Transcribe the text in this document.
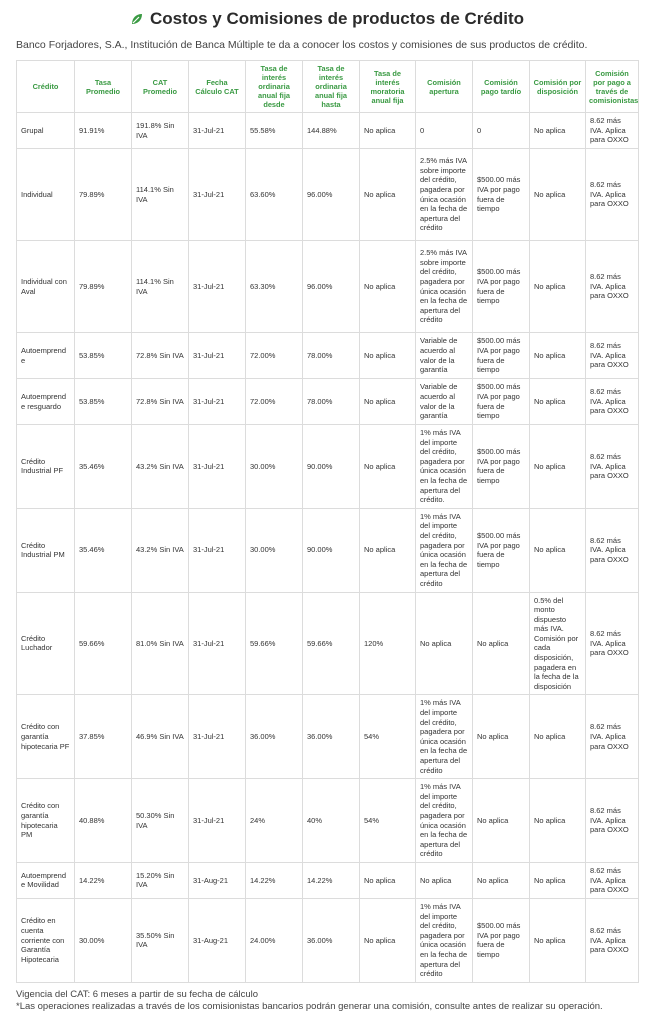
Costos y Comisiones de productos de Crédito
Banco Forjadores, S.A., Institución de Banca Múltiple te da a conocer los costos y comisiones de sus productos de crédito.
Crédito	Tasa Promedio	CAT Promedio	Fecha Cálculo CAT	Tasa de interés ordinaria anual fija desde	Tasa de interés ordinaria anual fija hasta	Tasa de interés moratoria anual fija	Comisión apertura	Comisión pago tardío	Comisión por disposición	Comisión por pago a través de comisionistas
Grupal	91.91%	191.8% Sin IVA	31-Jul-21	55.58%	144.88%	No aplica	0	0	No aplica	8.62 más IVA. Aplica para OXXO
Individual	79.89%	114.1% Sin IVA	31-Jul-21	63.60%	96.00%	No aplica	2.5% más IVA sobre importe del crédito, pagadera por única ocasión en la fecha de apertura del crédito	$500.00 más IVA por pago fuera de tiempo	No aplica	8.62 más IVA. Aplica para OXXO
Individual con Aval	79.89%	114.1% Sin IVA	31-Jul-21	63.30%	96.00%	No aplica	2.5% más IVA sobre importe del crédito, pagadera por única ocasión en la fecha de apertura del crédito	$500.00 más IVA por pago fuera de tiempo	No aplica	8.62 más IVA. Aplica para OXXO
Autoemprende	53.85%	72.8% Sin IVA	31-Jul-21	72.00%	78.00%	No aplica	Variable de acuerdo al valor de la garantía	$500.00 más IVA por pago fuera de tiempo	No aplica	8.62 más IVA. Aplica para OXXO
Autoemprende resguardo	53.85%	72.8% Sin IVA	31-Jul-21	72.00%	78.00%	No aplica	Variable de acuerdo al valor de la garantía	$500.00 más IVA por pago fuera de tiempo	No aplica	8.62 más IVA. Aplica para OXXO
Crédito Industrial PF	35.46%	43.2% Sin IVA	31-Jul-21	30.00%	90.00%	No aplica	1% más IVA del importe del crédito, pagadera por única ocasión en la fecha de apertura del crédito.	$500.00 más IVA por pago fuera de tiempo	No aplica	8.62 más IVA. Aplica para OXXO
Crédito Industrial PM	35.46%	43.2% Sin IVA	31-Jul-21	30.00%	90.00%	No aplica	1% más IVA del importe del crédito, pagadera por única ocasión en la fecha de apertura del crédito	$500.00 más IVA por pago fuera de tiempo	No aplica	8.62 más IVA. Aplica para OXXO
Crédito Luchador	59.66%	81.0% Sin IVA	31-Jul-21	59.66%	59.66%	120%	No aplica	No aplica	0.5% del monto dispuesto más IVA. Comisión por cada disposición, pagadera en la fecha de la disposición	8.62 más IVA. Aplica para OXXO
Crédito con garantía hipotecaria PF	37.85%	46.9% Sin IVA	31-Jul-21	36.00%	36.00%	54%	1% más IVA del importe del crédito, pagadera por única ocasión en la fecha de apertura del crédito	No aplica	No aplica	8.62 más IVA. Aplica para OXXO
Crédito con garantía hipotecaria PM	40.88%	50.30% Sin IVA	31-Jul-21	24%	40%	54%	1% más IVA del importe del crédito, pagadera por única ocasión en la fecha de apertura del crédito	No aplica	No aplica	8.62 más IVA. Aplica para OXXO
Autoemprende Movilidad	14.22%	15.20% Sin IVA	31-Aug-21	14.22%	14.22%	No aplica	No aplica	No aplica	No aplica	8.62 más IVA. Aplica para OXXO
Crédito en cuenta corriente con Garantía Hipotecaria	30.00%	35.50% Sin IVA	31-Aug-21	24.00%	36.00%	No aplica	1% más IVA del importe del crédito, pagadera por única ocasión en la fecha de apertura del crédito	$500.00 más IVA por pago fuera de tiempo	No aplica	8.62 más IVA. Aplica para OXXO
Vigencia del CAT: 6 meses a partir de su fecha de cálculo
*Las operaciones realizadas a través de los comisionistas bancarios podrán generar una comisión, consulte antes de realizar su operación.
